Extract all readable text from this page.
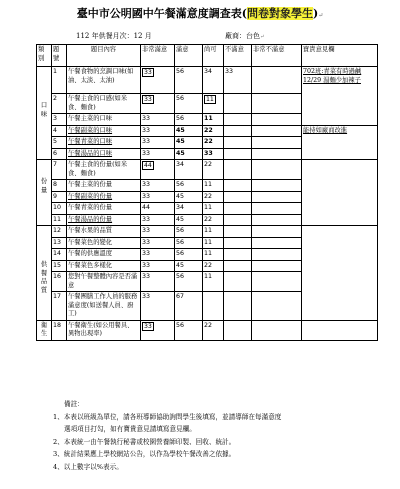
臺中市公明國中午餐滿意度調查表(問卷對象學生)↵
112 年供餐月次：12 月	廠商：台色↵
類別	題號	題目內容	非常滿意	滿意	尚可	不滿意	非常不滿意	寶貴意見欄

口味	1	午餐食物的烹調口味(如油、太淡、太油)	33	56	34	33		702班:青菜有時過鹹
12/29 湯麵少加辣子
	2	午餐主食的口感(如米食、麵食)	33	56	11			
	3	午餐主菜的口味	33	56	11			
	4	午餐副菜的口味	33	45	22			能持如廠商改進
	5	午餐青菜的口味	33	45	22			
	6	午餐湯品的口味	33	45	33			

份量	7	午餐主食的份量(如米食、麵食)	44	34	22			
	8	午餐主菜的份量	33	56	11			
	9	午餐副菜的份量	33	45	22			
	10	午餐青菜的份量	44	34	11			
	11	午餐湯品的份量	33	45	22			

供餐品質	12	午餐水果的品質	33	56	11			
	13	午餐菜色的變化	33	56	11			
	14	午餐的供應溫度	33	56	11			
	15	午餐菜色多樣化	33	45	22			
	16	您對午餐整體內容是否滿意	33	56	11			
	17	午餐團膳工作人員的服務滿意度(如送餐人員、廚工)	33	67				
衛生	18	午餐衛生(如公用餐具、異物出現率)	33	56	22			
備註：
1、本表以班級為單位，請各班導師協助詢問學生後填寫，並請導師在每滿意度
選項項目打勾，如有寶貴意見請填寫意見欄。
2、本表統一由午餐執行秘書或校園營養師印製、回收、統計。
3、統計結果應上學校網站公告，以作為學校午餐改善之依據。
4、以上數字以%表示。
